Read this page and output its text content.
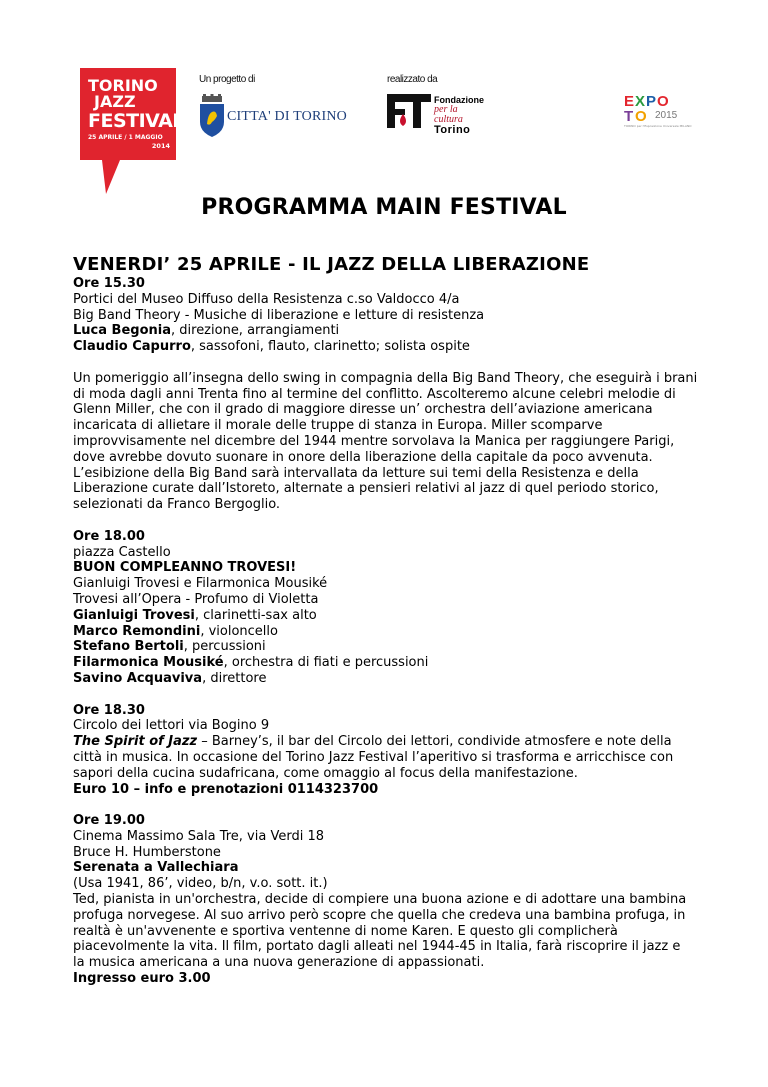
TORINO
JAZZ
FESTIVAL
25 APRILE / 1 MAGGIO
2014
Un progetto di	realizzato da
CITTA' DI TORINO
Fondazione
per la cultura
Torino
E X P O
T O 2015
TORINO per l'Esposizione Universale MILANO
PROGRAMMA MAIN FESTIVAL

VENERDI’ 25 APRILE - IL JAZZ DELLA LIBERAZIONE

Ore 15.30

Portici del Museo Diffuso della Resistenza c.so Valdocco 4/a

Big Band Theory - Musiche di liberazione e letture di resistenza

Luca Begonia, direzione, arrangiamenti

Claudio Capurro, sassofoni, flauto, clarinetto; solista ospite

Un pomeriggio all’insegna dello swing in compagnia della Big Band Theory, che eseguirà i brani

di moda dagli anni Trenta fino al termine del conflitto. Ascolteremo alcune celebri melodie di

Glenn Miller, che con il grado di maggiore diresse un’ orchestra dell’aviazione americana

incaricata di allietare il morale delle truppe di stanza in Europa. Miller scomparve

improvvisamente nel dicembre del 1944 mentre sorvolava la Manica per raggiungere Parigi,

dove avrebbe dovuto suonare in onore della liberazione della capitale da poco avvenuta.

L’esibizione della Big Band sarà intervallata da letture sui temi della Resistenza e della

Liberazione curate dall’Istoreto, alternate a pensieri relativi al jazz di quel periodo storico,

selezionati da Franco Bergoglio.

Ore 18.00

piazza Castello

BUON COMPLEANNO TROVESI!

Gianluigi Trovesi e Filarmonica Mousiké

Trovesi all’Opera - Profumo di Violetta

Gianluigi Trovesi, clarinetti-sax alto

Marco Remondini, violoncello

Stefano Bertoli, percussioni

Filarmonica Mousiké, orchestra di fiati e percussioni

Savino Acquaviva, direttore

Ore 18.30

Circolo dei lettori via Bogino 9

The Spirit of Jazz – Barney’s, il bar del Circolo dei lettori, condivide atmosfere e note della

città in musica. In occasione del Torino Jazz Festival l’aperitivo si trasforma e arricchisce con

sapori della cucina sudafricana, come omaggio al focus della manifestazione.

Euro 10 – info e prenotazioni 0114323700

Ore 19.00

Cinema Massimo Sala Tre, via Verdi 18

Bruce H. Humberstone

Serenata a Vallechiara

(Usa 1941, 86’, video, b/n, v.o. sott. it.)

Ted, pianista in un'orchestra, decide di compiere una buona azione e di adottare una bambina

profuga norvegese. Al suo arrivo però scopre che quella che credeva una bambina profuga, in

realtà è un'avvenente e sportiva ventenne di nome Karen. E questo gli complicherà

piacevolmente la vita. Il film, portato dagli alleati nel 1944-45 in Italia, farà riscoprire il jazz e

la musica americana a una nuova generazione di appassionati.

Ingresso euro 3.00
